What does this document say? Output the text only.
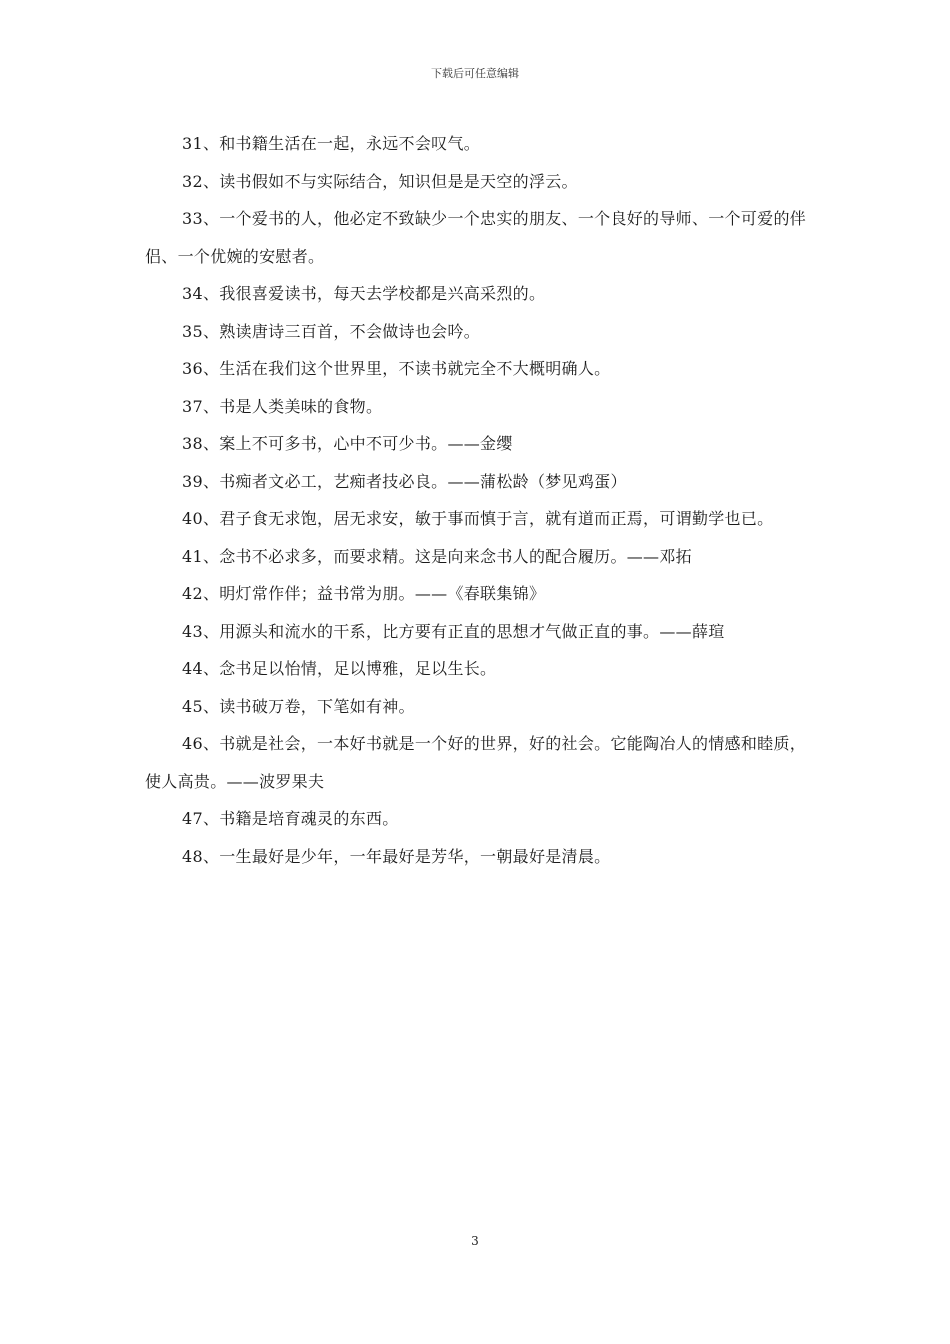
下载后可任意编辑

31、和书籍生活在一起，永远不会叹气。

32、读书假如不与实际结合，知识但是是天空的浮云。

33、一个爱书的人，他必定不致缺少一个忠实的朋友、一个良好的导师、一个可爱的伴侣、一个优婉的安慰者。

34、我很喜爱读书，每天去学校都是兴高采烈的。

35、熟读唐诗三百首，不会做诗也会吟。

36、生活在我们这个世界里，不读书就完全不大概明确人。

37、书是人类美味的食物。

38、案上不可多书，心中不可少书。——金缨

39、书痴者文必工，艺痴者技必良。——蒲松龄（梦见鸡蛋）

40、君子食无求饱，居无求安，敏于事而慎于言，就有道而正焉，可谓勤学也已。

41、念书不必求多，而要求精。这是向来念书人的配合履历。——邓拓

42、明灯常作伴；益书常为朋。——《春联集锦》

43、用源头和流水的干系，比方要有正直的思想才气做正直的事。——薛瑄

44、念书足以怡情，足以博雅，足以生长。

45、读书破万卷，下笔如有神。

46、书就是社会，一本好书就是一个好的世界，好的社会。它能陶冶人的情感和睦质，使人高贵。——波罗果夫

47、书籍是培育魂灵的东西。

48、一生最好是少年，一年最好是芳华，一朝最好是清晨。

3
